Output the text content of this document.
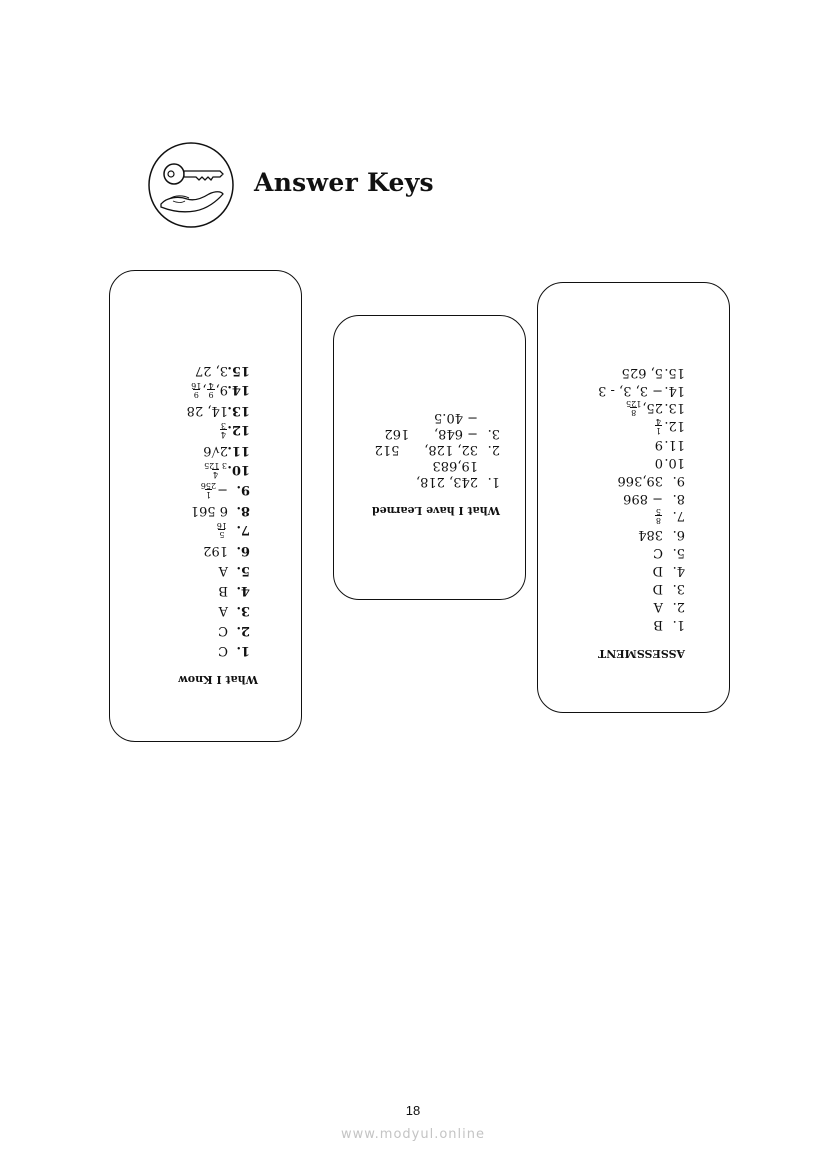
Answer Keys
What I Know
1.C
2.C
3.A
4.B
5.A
6.192
7.
5
16
8.6 561
9.−
1
256
10.
4
3 125
11.2√6
12.
4
3
13.14, 28
14.9,
9
4
,
9
16
15.3, 27
What I have Learned
1.243, 218,
19,683
2.32, 128,      512
3.− 648,      162
− 40.5
ASSESSMENT
1.B
2.A
3.D
4.D
5.C
6.384
7.
8
5
8.− 896
9.39,366
10.0
11.9
12.
1
4
13.25,
8
125
14.− 3, 3, - 3
15.5, 625
18
www.modyul.online
